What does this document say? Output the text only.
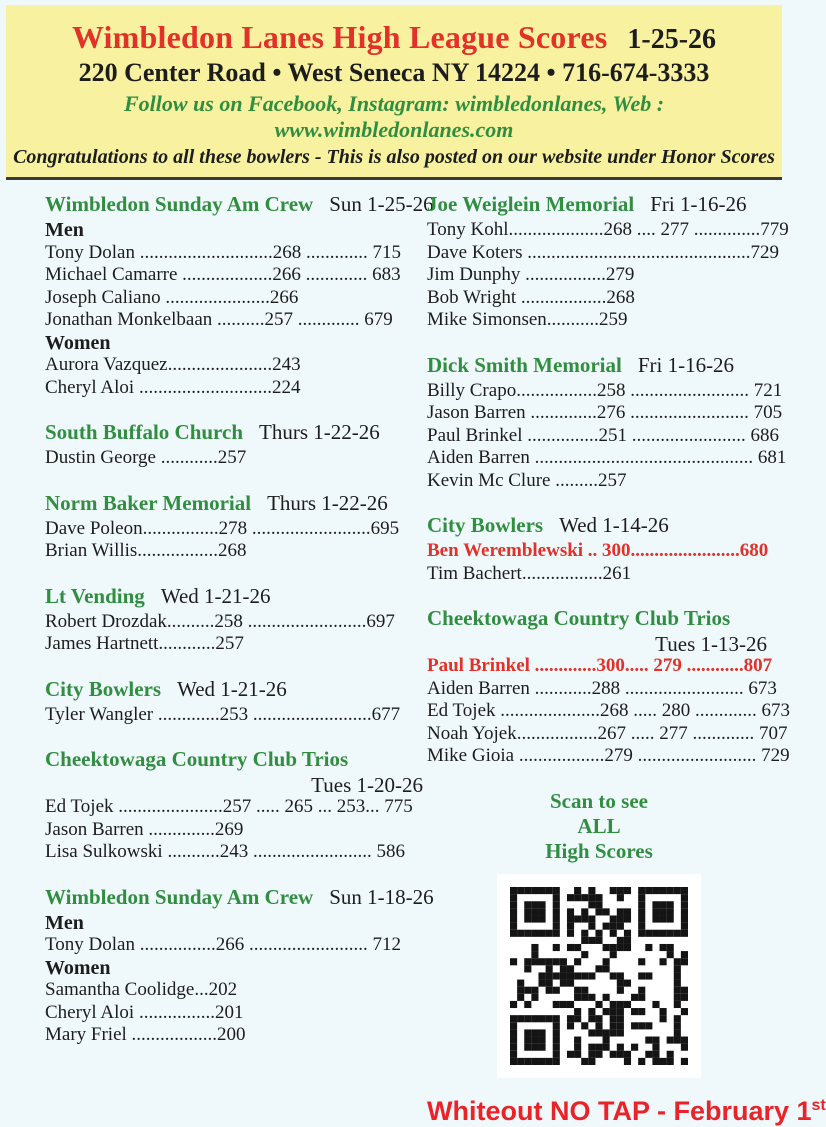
Wimbledon Lanes High League Scores 1-25-26
220 Center Road • West Seneca NY 14224 • 716-674-3333
Follow us on Facebook, Instagram: wimbledonlanes, Web : www.wimbledonlanes.com
Congratulations to all these bowlers - This is also posted on our website under Honor Scores
Wimbledon Sunday Am Crew Sun 1-25-26
Men
Tony Dolan ............................268 ............. 715
Michael Camarre ...................266 ............. 683
Joseph Caliano ......................266
Jonathan Monkelbaan ..........257 ............. 679
Women
Aurora Vazquez......................243
Cheryl Aloi ............................224
South Buffalo Church Thurs 1-22-26
Dustin George ............257
Norm Baker Memorial Thurs 1-22-26
Dave Poleon................278 .........................695
Brian Willis.................268
Lt Vending Wed 1-21-26
Robert Drozdak..........258 .........................697
James Hartnett............257
City Bowlers Wed 1-21-26
Tyler Wangler .............253 .........................677
Cheektowaga Country Club Trios
Tues 1-20-26
Ed Tojek ......................257 ..... 265 ... 253... 775
Jason Barren ..............269
Lisa Sulkowski ...........243 ......................... 586
Wimbledon Sunday Am Crew Sun 1-18-26
Men
Tony Dolan ................266 ......................... 712
Women
Samantha Coolidge...202
Cheryl Aloi ................201
Mary Friel ..................200
Joe Weiglein Memorial Fri 1-16-26
Tony Kohl....................268 .... 277 ..............779
Dave Koters ...............................................729
Jim Dunphy .................279
Bob Wright ..................268
Mike Simonsen...........259
Dick Smith Memorial Fri 1-16-26
Billy Crapo.................258 ......................... 721
Jason Barren ..............276 ......................... 705
Paul Brinkel ...............251 ........................ 686
Aiden Barren .............................................. 681
Kevin Mc Clure .........257
City Bowlers Wed 1-14-26
Ben Weremblewski .. 300.......................680
Tim Bachert.................261
Cheektowaga Country Club Trios
Tues 1-13-26
Paul Brinkel .............300..... 279 ............807
Aiden Barren ............288 ......................... 673
Ed Tojek .....................268 ..... 280 ............. 673
Noah Yojek.................267 ..... 277 ............. 707
Mike Gioia ..................279 ......................... 729
Scan to see
ALL
High Scores
Whiteout NO TAP - February 1st
